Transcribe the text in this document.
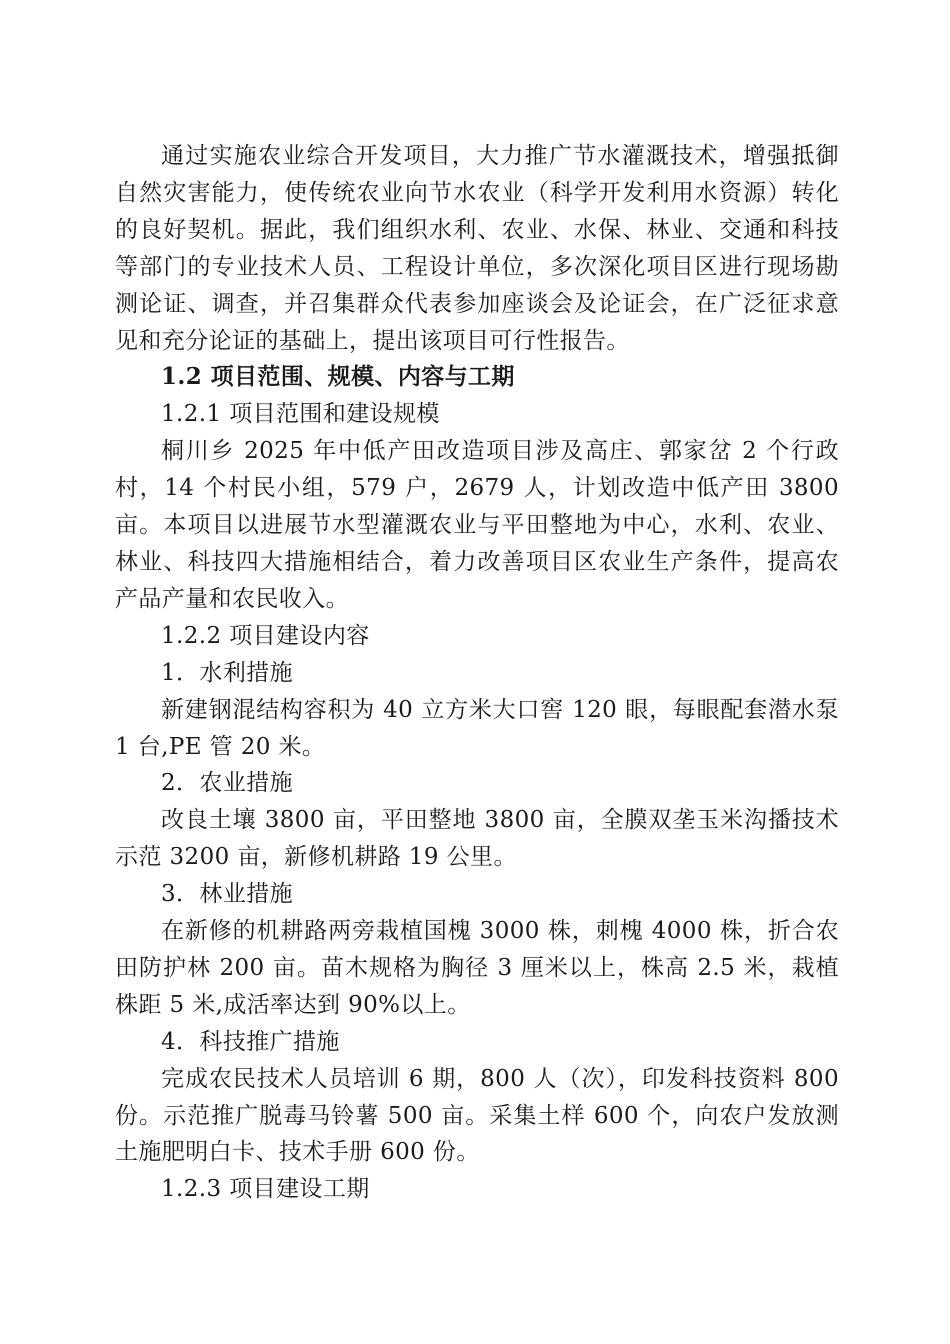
通过实施农业综合开发项目，大力推广节水灌溉技术，增强抵御自然灾害能力，使传统农业向节水农业（科学开发利用水资源）转化的良好契机。据此，我们组织水利、农业、水保、林业、交通和科技等部门的专业技术人员、工程设计单位，多次深化项目区进行现场勘测论证、调查，并召集群众代表参加座谈会及论证会，在广泛征求意见和充分论证的基础上，提出该项目可行性报告。

1.2 项目范围、规模、内容与工期

1.2.1 项目范围和建设规模

桐川乡 2025 年中低产田改造项目涉及高庄、郭家岔 2 个行政村，14 个村民小组，579 户，2679 人，计划改造中低产田 3800 亩。本项目以进展节水型灌溉农业与平田整地为中心，水利、农业、林业、科技四大措施相结合，着力改善项目区农业生产条件，提高农产品产量和农民收入。

1.2.2 项目建设内容

1．水利措施

新建钢混结构容积为 40 立方米大口窖 120 眼，每眼配套潜水泵 1 台,PE 管 20 米。

2．农业措施

改良土壤 3800 亩，平田整地 3800 亩，全膜双垄玉米沟播技术示范 3200 亩，新修机耕路 19 公里。

3．林业措施

在新修的机耕路两旁栽植国槐 3000 株，刺槐 4000 株，折合农田防护林 200 亩。苗木规格为胸径 3 厘米以上，株高 2.5 米，栽植株距 5 米,成活率达到 90%以上。

4．科技推广措施

完成农民技术人员培训 6 期，800 人（次），印发科技资料 800 份。示范推广脱毒马铃薯 500 亩。采集土样 600 个，向农户发放测土施肥明白卡、技术手册 600 份。

1.2.3 项目建设工期
